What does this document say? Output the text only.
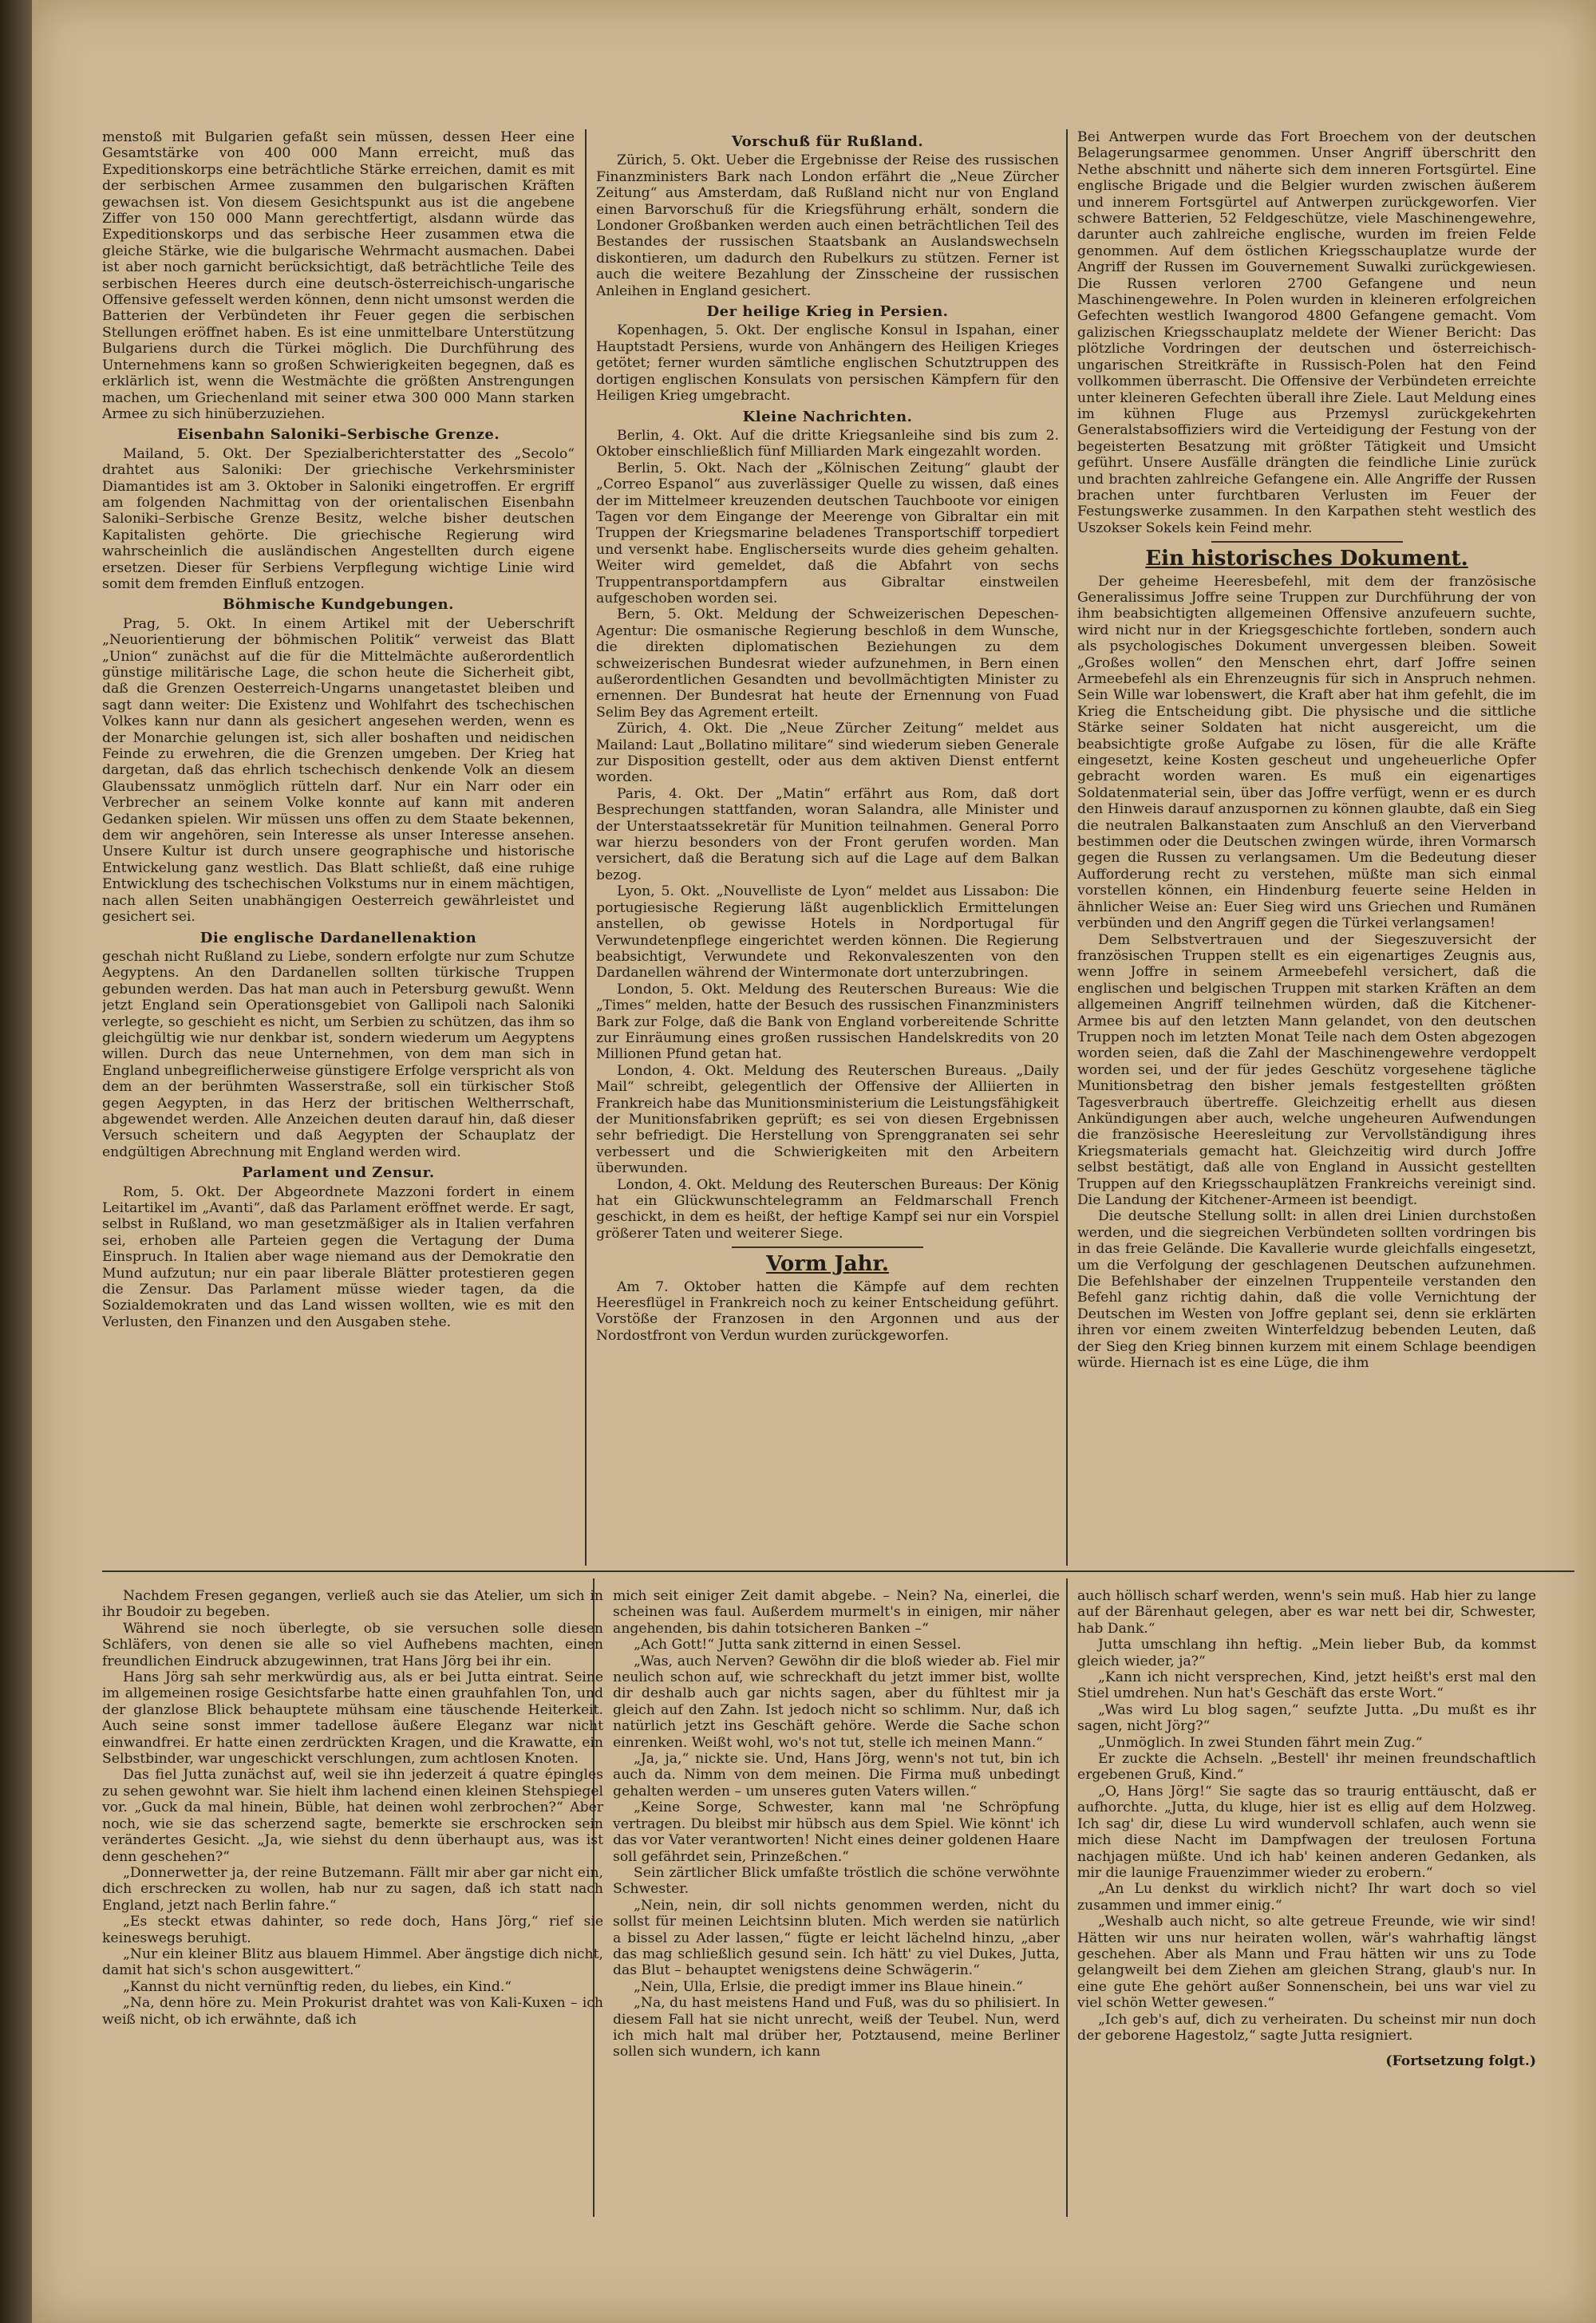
menstoß mit Bulgarien gefaßt sein müssen, dessen Heer eine Gesamtstärke von 400 000 Mann erreicht, muß das Expeditionskorps eine beträchtliche Stärke erreichen, damit es mit der serbischen Armee zusammen den bulgarischen Kräften gewachsen ist. Von diesem Gesichtspunkt aus ist die angebene Ziffer von 150 000 Mann gerechtfertigt, alsdann würde das Expeditionskorps und das serbische Heer zusammen etwa die gleiche Stärke, wie die bulgarische Wehrmacht ausmachen. Dabei ist aber noch garnicht berücksichtigt, daß beträchtliche Teile des serbischen Heeres durch eine deutsch-österreichisch-ungarische Offensive gefesselt werden können, denn nicht umsonst werden die Batterien der Verbündeten ihr Feuer gegen die serbischen Stellungen eröffnet haben. Es ist eine unmittelbare Unterstützung Bulgariens durch die Türkei möglich. Die Durchführung des Unternehmens kann so großen Schwierigkeiten begegnen, daß es erklärlich ist, wenn die Westmächte die größten Anstrengungen machen, um Griechenland mit seiner etwa 300 000 Mann starken Armee zu sich hinüberzuziehen.

Eisenbahn Saloniki–Serbische Grenze.

Mailand, 5. Okt. Der Spezialberichterstatter des „Secolo“ drahtet aus Saloniki: Der griechische Verkehrsminister Diamantides ist am 3. Oktober in Saloniki eingetroffen. Er ergriff am folgenden Nachmittag von der orientalischen Eisenbahn Saloniki–Serbische Grenze Besitz, welche bisher deutschen Kapitalisten gehörte. Die griechische Regierung wird wahrscheinlich die ausländischen Angestellten durch eigene ersetzen. Dieser für Serbiens Verpflegung wichtige Linie wird somit dem fremden Einfluß entzogen.

Böhmische Kundgebungen.

Prag, 5. Okt. In einem Artikel mit der Ueberschrift „Neuorientierung der böhmischen Politik“ verweist das Blatt „Union“ zunächst auf die für die Mittelmächte außerordentlich günstige militärische Lage, die schon heute die Sicherheit gibt, daß die Grenzen Oesterreich-Ungarns unangetastet bleiben und sagt dann weiter: Die Existenz und Wohlfahrt des tschechischen Volkes kann nur dann als gesichert angesehen werden, wenn es der Monarchie gelungen ist, sich aller boshaften und neidischen Feinde zu erwehren, die die Grenzen umgeben. Der Krieg hat dargetan, daß das ehrlich tschechisch denkende Volk an diesem Glaubenssatz unmöglich rütteln darf. Nur ein Narr oder ein Verbrecher an seinem Volke konnte auf kann mit anderen Gedanken spielen. Wir müssen uns offen zu dem Staate bekennen, dem wir angehören, sein Interesse als unser Interesse ansehen. Unsere Kultur ist durch unsere geographische und historische Entwickelung ganz westlich. Das Blatt schließt, daß eine ruhige Entwicklung des tschechischen Volkstums nur in einem mächtigen, nach allen Seiten unabhängigen Oesterreich gewährleistet und gesichert sei.

Die englische Dardanellenaktion

geschah nicht Rußland zu Liebe, sondern erfolgte nur zum Schutze Aegyptens. An den Dardanellen sollten türkische Truppen gebunden werden. Das hat man auch in Petersburg gewußt. Wenn jetzt England sein Operationsgebiet von Gallipoli nach Saloniki verlegte, so geschieht es nicht, um Serbien zu schützen, das ihm so gleichgültig wie nur denkbar ist, sondern wiederum um Aegyptens willen. Durch das neue Unternehmen, von dem man sich in England unbegreiflicherweise günstigere Erfolge verspricht als von dem an der berühmten Wasserstraße, soll ein türkischer Stoß gegen Aegypten, in das Herz der britischen Weltherrschaft, abgewendet werden. Alle Anzeichen deuten darauf hin, daß dieser Versuch scheitern und daß Aegypten der Schauplatz der endgültigen Abrechnung mit England werden wird.

Parlament und Zensur.

Rom, 5. Okt. Der Abgeordnete Mazzoni fordert in einem Leitartikel im „Avanti“, daß das Parlament eröffnet werde. Er sagt, selbst in Rußland, wo man gesetzmäßiger als in Italien verfahren sei, erhoben alle Parteien gegen die Vertagung der Duma Einspruch. In Italien aber wage niemand aus der Demokratie den Mund aufzutun; nur ein paar liberale Blätter protestieren gegen die Zensur. Das Parlament müsse wieder tagen, da die Sozialdemokraten und das Land wissen wollten, wie es mit den Verlusten, den Finanzen und den Ausgaben stehe.

Vorschuß für Rußland.

Zürich, 5. Okt. Ueber die Ergebnisse der Reise des russischen Finanzministers Bark nach London erfährt die „Neue Zürcher Zeitung“ aus Amsterdam, daß Rußland nicht nur von England einen Barvorschuß für die Kriegsführung erhält, sondern die Londoner Großbanken werden auch einen beträchtlichen Teil des Bestandes der russischen Staatsbank an Auslandswechseln diskontieren, um dadurch den Rubelkurs zu stützen. Ferner ist auch die weitere Bezahlung der Zinsscheine der russischen Anleihen in England gesichert.

Der heilige Krieg in Persien.

Kopenhagen, 5. Okt. Der englische Konsul in Ispahan, einer Hauptstadt Persiens, wurde von Anhängern des Heiligen Krieges getötet; ferner wurden sämtliche englischen Schutztruppen des dortigen englischen Konsulats von persischen Kämpfern für den Heiligen Krieg umgebracht.

Kleine Nachrichten.

Berlin, 4. Okt. Auf die dritte Kriegsanleihe sind bis zum 2. Oktober einschließlich fünf Milliarden Mark eingezahlt worden.

Berlin, 5. Okt. Nach der „Kölnischen Zeitung“ glaubt der „Correo Espanol“ aus zuverlässiger Quelle zu wissen, daß eines der im Mittelmeer kreuzenden deutschen Tauchboote vor einigen Tagen vor dem Eingange der Meerenge von Gibraltar ein mit Truppen der Kriegsmarine beladenes Transportschiff torpediert und versenkt habe. Englischerseits wurde dies geheim gehalten. Weiter wird gemeldet, daß die Abfahrt von sechs Truppentransportdampfern aus Gibraltar einstweilen aufgeschoben worden sei.

Bern, 5. Okt. Meldung der Schweizerischen Depeschen-Agentur: Die osmanische Regierung beschloß in dem Wunsche, die direkten diplomatischen Beziehungen zu dem schweizerischen Bundesrat wieder aufzunehmen, in Bern einen außerordentlichen Gesandten und bevollmächtigten Minister zu ernennen. Der Bundesrat hat heute der Ernennung von Fuad Selim Bey das Agrement erteilt.

Zürich, 4. Okt. Die „Neue Zürcher Zeitung“ meldet aus Mailand: Laut „Bollatino militare“ sind wiederum sieben Generale zur Disposition gestellt, oder aus dem aktiven Dienst entfernt worden.

Paris, 4. Okt. Der „Matin“ erfährt aus Rom, daß dort Besprechungen stattfanden, woran Salandra, alle Minister und der Unterstaatssekretär für Munition teilnahmen. General Porro war hierzu besonders von der Front gerufen worden. Man versichert, daß die Beratung sich auf die Lage auf dem Balkan bezog.

Lyon, 5. Okt. „Nouvelliste de Lyon“ meldet aus Lissabon: Die portugiesische Regierung läßt augenblicklich Ermittelungen anstellen, ob gewisse Hotels in Nordportugal für Verwundetenpflege eingerichtet werden können. Die Regierung beabsichtigt, Verwundete und Rekonvaleszenten von den Dardanellen während der Wintermonate dort unterzubringen.

London, 5. Okt. Meldung des Reuterschen Bureaus: Wie die „Times“ melden, hatte der Besuch des russischen Finanzministers Bark zur Folge, daß die Bank von England vorbereitende Schritte zur Einräumung eines großen russischen Handelskredits von 20 Millionen Pfund getan hat.

London, 4. Okt. Meldung des Reuterschen Bureaus. „Daily Mail“ schreibt, gelegentlich der Offensive der Alliierten in Frankreich habe das Munitionsministerium die Leistungsfähigkeit der Munitionsfabriken geprüft; es sei von diesen Ergebnissen sehr befriedigt. Die Herstellung von Sprenggranaten sei sehr verbessert und die Schwierigkeiten mit den Arbeitern überwunden.

London, 4. Okt. Meldung des Reuterschen Bureaus: Der König hat ein Glückwunschtelegramm an Feldmarschall French geschickt, in dem es heißt, der heftige Kampf sei nur ein Vorspiel größerer Taten und weiterer Siege.

Vorm Jahr.

Am 7. Oktober hatten die Kämpfe auf dem rechten Heeresflügel in Frankreich noch zu keiner Entscheidung geführt. Vorstöße der Franzosen in den Argonnen und aus der Nordostfront von Verdun wurden zurückgeworfen.

Bei Antwerpen wurde das Fort Broechem von der deutschen Belagerungsarmee genommen. Unser Angriff überschritt den Nethe abschnitt und näherte sich dem inneren Fortsgürtel. Eine englische Brigade und die Belgier wurden zwischen äußerem und innerem Fortsgürtel auf Antwerpen zurückgeworfen. Vier schwere Batterien, 52 Feldgeschütze, viele Maschinengewehre, darunter auch zahlreiche englische, wurden im freien Felde genommen. Auf dem östlichen Kriegsschauplatze wurde der Angriff der Russen im Gouvernement Suwalki zurückgewiesen. Die Russen verloren 2700 Gefangene und neun Maschinengewehre. In Polen wurden in kleineren erfolgreichen Gefechten westlich Iwangorod 4800 Gefangene gemacht. Vom galizischen Kriegsschauplatz meldete der Wiener Bericht: Das plötzliche Vordringen der deutschen und österreichisch-ungarischen Streitkräfte in Russisch-Polen hat den Feind vollkommen überrascht. Die Offensive der Verbündeten erreichte unter kleineren Gefechten überall ihre Ziele. Laut Meldung eines im kühnen Fluge aus Przemysl zurückgekehrten Generalstabsoffiziers wird die Verteidigung der Festung von der begeisterten Besatzung mit größter Tätigkeit und Umsicht geführt. Unsere Ausfälle drängten die feindliche Linie zurück und brachten zahlreiche Gefangene ein. Alle Angriffe der Russen brachen unter furchtbaren Verlusten im Feuer der Festungswerke zusammen. In den Karpathen steht westlich des Uszokser Sokels kein Feind mehr.

Ein historisches Dokument.

Der geheime Heeresbefehl, mit dem der französische Generalissimus Joffre seine Truppen zur Durchführung der von ihm beabsichtigten allgemeinen Offensive anzufeuern suchte, wird nicht nur in der Kriegsgeschichte fortleben, sondern auch als psychologisches Dokument unvergessen bleiben. Soweit „Großes wollen“ den Menschen ehrt, darf Joffre seinen Armeebefehl als ein Ehrenzeugnis für sich in Anspruch nehmen. Sein Wille war lobenswert, die Kraft aber hat ihm gefehlt, die im Krieg die Entscheidung gibt. Die physische und die sittliche Stärke seiner Soldaten hat nicht ausgereicht, um die beabsichtigte große Aufgabe zu lösen, für die alle Kräfte eingesetzt, keine Kosten gescheut und ungeheuerliche Opfer gebracht worden waren. Es muß ein eigenartiges Soldatenmaterial sein, über das Joffre verfügt, wenn er es durch den Hinweis darauf anzuspornen zu können glaubte, daß ein Sieg die neutralen Balkanstaaten zum Anschluß an den Vierverband bestimmen oder die Deutschen zwingen würde, ihren Vormarsch gegen die Russen zu verlangsamen. Um die Bedeutung dieser Aufforderung recht zu verstehen, müßte man sich einmal vorstellen können, ein Hindenburg feuerte seine Helden in ähnlicher Weise an: Euer Sieg wird uns Griechen und Rumänen verbünden und den Angriff gegen die Türkei verlangsamen!

Dem Selbstvertrauen und der Siegeszuversicht der französischen Truppen stellt es ein eigenartiges Zeugnis aus, wenn Joffre in seinem Armeebefehl versichert, daß die englischen und belgischen Truppen mit starken Kräften an dem allgemeinen Angriff teilnehmen würden, daß die Kitchener-Armee bis auf den letzten Mann gelandet, von den deutschen Truppen noch im letzten Monat Teile nach dem Osten abgezogen worden seien, daß die Zahl der Maschinengewehre verdoppelt worden sei, und der für jedes Geschütz vorgesehene tägliche Munitionsbetrag den bisher jemals festgestellten größten Tagesverbrauch übertreffe. Gleichzeitig erhellt aus diesen Ankündigungen aber auch, welche ungeheuren Aufwendungen die französische Heeresleitung zur Vervollständigung ihres Kriegsmaterials gemacht hat. Gleichzeitig wird durch Joffre selbst bestätigt, daß alle von England in Aussicht gestellten Truppen auf den Kriegsschauplätzen Frankreichs vereinigt sind. Die Landung der Kitchener-Armeen ist beendigt.

Die deutsche Stellung sollt: in allen drei Linien durchstoßen werden, und die siegreichen Verbündeten sollten vordringen bis in das freie Gelände. Die Kavallerie wurde gleichfalls eingesetzt, um die Verfolgung der geschlagenen Deutschen aufzunehmen. Die Befehlshaber der einzelnen Truppenteile verstanden den Befehl ganz richtig dahin, daß die volle Vernichtung der Deutschen im Westen von Joffre geplant sei, denn sie erklärten ihren vor einem zweiten Winterfeldzug bebenden Leuten, daß der Sieg den Krieg binnen kurzem mit einem Schlage beendigen würde. Hiernach ist es eine Lüge, die ihm

Nachdem Fresen gegangen, verließ auch sie das Atelier, um sich in ihr Boudoir zu begeben.

Während sie noch überlegte, ob sie versuchen solle diesen Schläfers, von denen sie alle so viel Aufhebens machten, einen freundlichen Eindruck abzugewinnen, trat Hans Jörg bei ihr ein.

Hans Jörg sah sehr merkwürdig aus, als er bei Jutta eintrat. Seine im allgemeinen rosige Gesichtsfarbe hatte einen grauhfahlen Ton, und der glanzlose Blick behauptete mühsam eine täuschende Heiterkeit. Auch seine sonst immer tadellose äußere Eleganz war nicht einwandfrei. Er hatte einen zerdrückten Kragen, und die Krawatte, ein Selbstbinder, war ungeschickt verschlungen, zum achtlosen Knoten.

Das fiel Jutta zunächst auf, weil sie ihn jederzeit á quatre épingles zu sehen gewohnt war. Sie hielt ihm lachend einen kleinen Stehspiegel vor. „Guck da mal hinein, Büble, hat deinen wohl zerbrochen?“ Aber noch, wie sie das scherzend sagte, bemerkte sie erschrocken sein verändertes Gesicht. „Ja, wie siehst du denn überhaupt aus, was ist denn geschehen?“

„Donnerwetter ja, der reine Butzemann. Fällt mir aber gar nicht ein, dich erschrecken zu wollen, hab nur zu sagen, daß ich statt nach England, jetzt nach Berlin fahre.“

„Es steckt etwas dahinter, so rede doch, Hans Jörg,“ rief sie keineswegs beruhigt.

„Nur ein kleiner Blitz aus blauem Himmel. Aber ängstige dich nicht, damit hat sich's schon ausgewittert.“

„Kannst du nicht vernünftig reden, du liebes, ein Kind.“

„Na, denn höre zu. Mein Prokurist drahtet was von Kali-Kuxen – ich weiß nicht, ob ich erwähnte, daß ich

mich seit einiger Zeit damit abgebe. – Nein? Na, einerlei, die scheinen was faul. Außerdem murmelt's in einigen, mir näher angehenden, bis dahin totsicheren Banken –“

„Ach Gott!“ Jutta sank zitternd in einen Sessel.

„Was, auch Nerven? Gewöhn dir die bloß wieder ab. Fiel mir neulich schon auf, wie schreckhaft du jetzt immer bist, wollte dir deshalb auch gar nichts sagen, aber du fühltest mir ja gleich auf den Zahn. Ist jedoch nicht so schlimm. Nur, daß ich natürlich jetzt ins Geschäft gehöre. Werde die Sache schon einrenken. Weißt wohl, wo's not tut, stelle ich meinen Mann.“

„Ja, ja,“ nickte sie. Und, Hans Jörg, wenn's not tut, bin ich auch da. Nimm von dem meinen. Die Firma muß unbedingt gehalten werden – um unseres guten Vaters willen.“

„Keine Sorge, Schwester, kann mal 'ne Schröpfung vertragen. Du bleibst mir hübsch aus dem Spiel. Wie könnt' ich das vor Vater verantworten! Nicht eines deiner goldenen Haare soll gefährdet sein, Prinzeßchen.“

Sein zärtlicher Blick umfaßte tröstlich die schöne verwöhnte Schwester.

„Nein, nein, dir soll nichts genommen werden, nicht du sollst für meinen Leichtsinn bluten. Mich werden sie natürlich a bissel zu Ader lassen,“ fügte er leicht lächelnd hinzu, „aber das mag schließlich gesund sein. Ich hätt' zu viel Dukes, Jutta, das Blut – behauptet wenigstens deine Schwägerin.“

„Nein, Ulla, Erlsie, die predigt immer ins Blaue hinein.“

„Na, du hast meistens Hand und Fuß, was du so philisiert. In diesem Fall hat sie nicht unrecht, weiß der Teubel. Nun, werd ich mich halt mal drüber her, Potztausend, meine Berliner sollen sich wundern, ich kann

auch höllisch scharf werden, wenn's sein muß. Hab hier zu lange auf der Bärenhaut gelegen, aber es war nett bei dir, Schwester, hab Dank.“

Jutta umschlang ihn heftig. „Mein lieber Bub, da kommst gleich wieder, ja?“

„Kann ich nicht versprechen, Kind, jetzt heißt's erst mal den Stiel umdrehen. Nun hat's Geschäft das erste Wort.“

„Was wird Lu blog sagen,“ seufzte Jutta. „Du mußt es ihr sagen, nicht Jörg?“

„Unmöglich. In zwei Stunden fährt mein Zug.“

Er zuckte die Achseln. „Bestell' ihr meinen freundschaftlich ergebenen Gruß, Kind.“

„O, Hans Jörg!“ Sie sagte das so traurig enttäuscht, daß er aufhorchte. „Jutta, du kluge, hier ist es ellig auf dem Holzweg. Ich sag' dir, diese Lu wird wundervoll schlafen, auch wenn sie mich diese Nacht im Dampfwagen der treulosen Fortuna nachjagen müßte. Und ich hab' keinen anderen Gedanken, als mir die launige Frauenzimmer wieder zu erobern.“

„An Lu denkst du wirklich nicht? Ihr wart doch so viel zusammen und immer einig.“

„Weshalb auch nicht, so alte getreue Freunde, wie wir sind! Hätten wir uns nur heiraten wollen, wär's wahrhaftig längst geschehen. Aber als Mann und Frau hätten wir uns zu Tode gelangweilt bei dem Ziehen am gleichen Strang, glaub's nur. In eine gute Ehe gehört außer Sonnenschein, bei uns war viel zu viel schön Wetter gewesen.“

„Ich geb's auf, dich zu verheiraten. Du scheinst mir nun doch der geborene Hagestolz,“ sagte Jutta resigniert.

(Fortsetzung folgt.)
